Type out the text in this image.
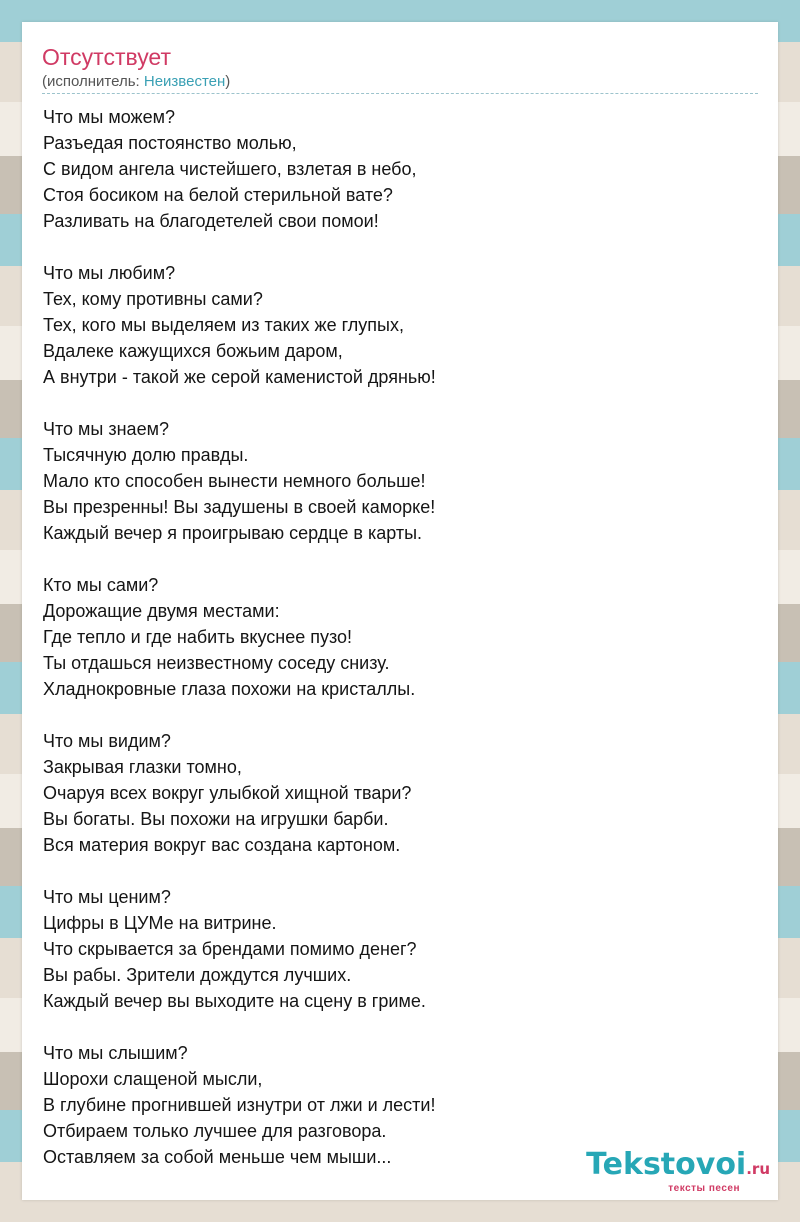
Отсутствует
(исполнитель: Неизвестен)
Что мы можем?
Разъедая постоянство молью,
С видом ангела чистейшего, взлетая в небо,
Стоя босиком на белой стерильной вате?
Разливать на благодетелей свои помои!
Что мы любим?
Тех, кому противны сами?
Тех, кого мы выделяем из таких же глупых,
Вдалеке кажущихся божьим даром,
А внутри - такой же серой каменистой дрянью!
Что мы знаем?
Тысячную долю правды.
Мало кто способен вынести немного больше!
Вы презренны! Вы задушены в своей каморке!
Каждый вечер я проигрываю сердце в карты.
Кто мы сами?
Дорожащие двумя местами:
Где тепло и где набить вкуснее пузо!
Ты отдашься неизвестному соседу снизу.
Хладнокровные глаза похожи на кристаллы.
Что мы видим?
Закрывая глазки томно,
Очаруя всех вокруг улыбкой хищной твари?
Вы богаты. Вы похожи на игрушки барби.
Вся материя вокруг вас создана картоном.
Что мы ценим?
Цифры в ЦУМе на витрине.
Что скрывается за брендами помимо денег?
Вы рабы. Зрители дождутся лучших.
Каждый вечер вы выходите на сцену в гриме.
Что мы слышим?
Шорохи слащеной мысли,
В глубине прогнившей изнутри от лжи и лести!
Отбираем только лучшее для разговора.
Оставляем за собой меньше чем мыши...	Tekstovoi.ru
тексты песен
